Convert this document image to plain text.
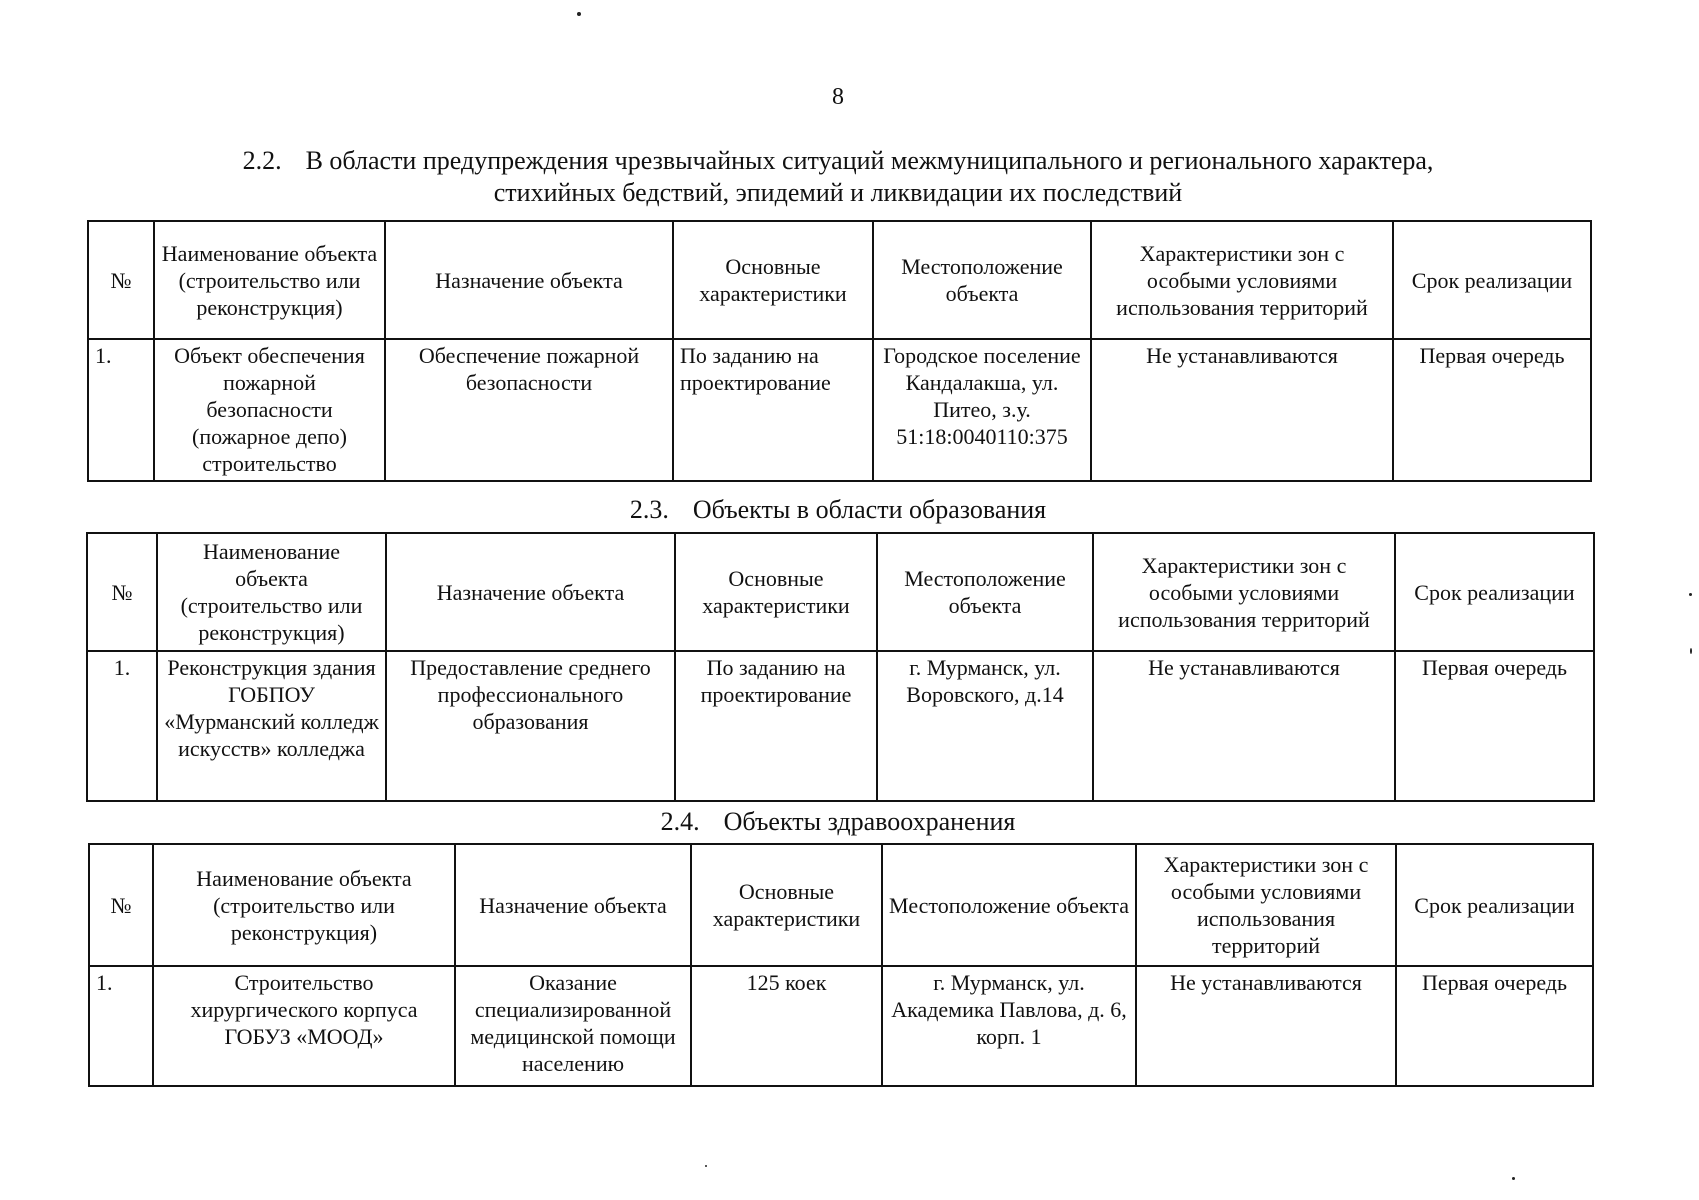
8
2.2. В области предупреждения чрезвычайных ситуаций межмуниципального и регионального характера,
стихийных бедствий, эпидемий и ликвидации их последствий
№	Наименование объекта (строительство или реконструкция)	Назначение объекта	Основные характеристики	Местоположение объекта	Характеристики зон с особыми условиями использования территорий	Срок реализации
1.	Объект обеспечения пожарной безопасности (пожарное депо) строительство	Обеспечение пожарной безопасности	По заданию на проектирование	Городское поселение Кандалакша, ул. Питео, з.у. 51:18:0040110:375	Не устанавливаются	Первая очередь
2.3. Объекты в области образования
№	Наименование объекта (строительство или реконструкция)	Назначение объекта	Основные характеристики	Местоположение объекта	Характеристики зон с особыми условиями использования территорий	Срок реализации
1.	Реконструкция здания ГОБПОУ «Мурманский колледж искусств» колледжа	Предоставление среднего профессионального образования	По заданию на проектирование	г. Мурманск, ул. Воровского, д.14	Не устанавливаются	Первая очередь
2.4. Объекты здравоохранения
№	Наименование объекта (строительство или реконструкция)	Назначение объекта	Основные характеристики	Местоположение объекта	Характеристики зон с особыми условиями использования территорий	Срок реализации
1.	Строительство хирургического корпуса ГОБУЗ «МООД»	Оказание специализированной медицинской помощи населению	125 коек	г. Мурманск, ул. Академика Павлова, д. 6, корп. 1	Не устанавливаются	Первая очередь
